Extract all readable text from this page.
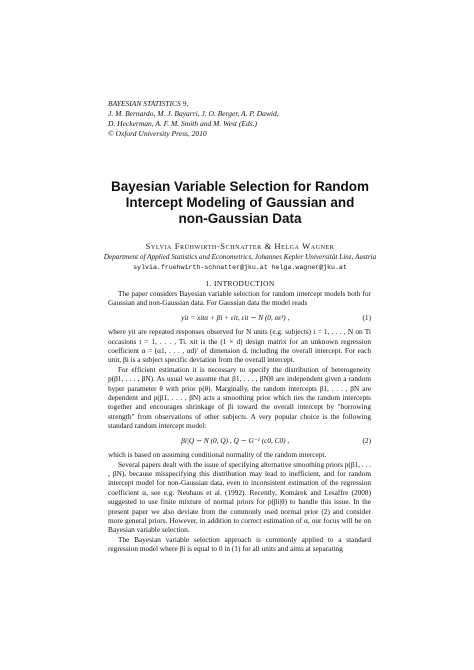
BAYESIAN STATISTICS 9,
J. M. Bernardo, M. J. Bayarri, J. O. Berger, A. P. Dawid,
D. Heckerman, A. F. M. Smith and M. West (Eds.)
© Oxford University Press, 2010
Bayesian Variable Selection for Random
Intercept Modeling of Gaussian and
non-Gaussian Data
Sylvia Frühwirth-Schnatter & Helga Wagner
Department of Applied Statistics and Econometrics, Johannes Kepler Universität Linz, Austria
sylvia.fruehwirth-schnatter@jku.at helga.wagner@jku.at
1. INTRODUCTION

The paper considers Bayesian variable selection for random intercept models both for Gaussian and non-Gaussian data. For Gaussian data the model reads

yit = xitα + βi + εit, εit ∼ N (0, σε²) ,	(1)

where yit are repeated responses observed for N units (e.g. subjects) i = 1, . . . , N on Ti occasions t = 1, . . . , Ti. xit is the (1 × d) design matrix for an unknown regression coefficient α = (α1, . . . , αd)′ of dimension d, including the overall intercept. For each unit, βi is a subject specific deviation from the overall intercept.

For efficient estimation it is necessary to specify the distribution of heterogeneity p(β1, . . . , βN). As usual we assume that β1, . . . , βN|θ are independent given a random hyper parameter θ with prior p(θ). Marginally, the random intercepts β1, . . . , βN are dependent and p(β1, . . . , βN) acts a smoothing prior which ties the random intercepts together and encourages shrinkage of βi toward the overall intercept by "borrowing strength" from observations of other subjects. A very popular choice is the following standard random intercept model:

βi|Q ∼ N (0, Q) , Q ∼ G⁻¹ (c0, C0) ,	(2)

which is based on assuming conditional normality of the random intercept.

Several papers dealt with the issue of specifying alternative smoothing priors p(β1, . . . , βN), because misspecifying this distribution may lead to inefficient, and for random intercept model for non-Gaussian data, even to inconsistent estimation of the regression coefficient α, see e.g. Neuhaus et al. (1992). Recently, Komárek and Lesaffre (2008) suggested to use finite mixture of normal priors for p(βi|θ) to handle this issue. In the present paper we also deviate from the commonly used normal prior (2) and consider more general priors. However, in addition to correct estimation of α, our focus will be on Bayesian variable selection.

The Bayesian variable selection approach is commonly applied to a standard regression model where βi is equal to 0 in (1) for all units and aims at separating
